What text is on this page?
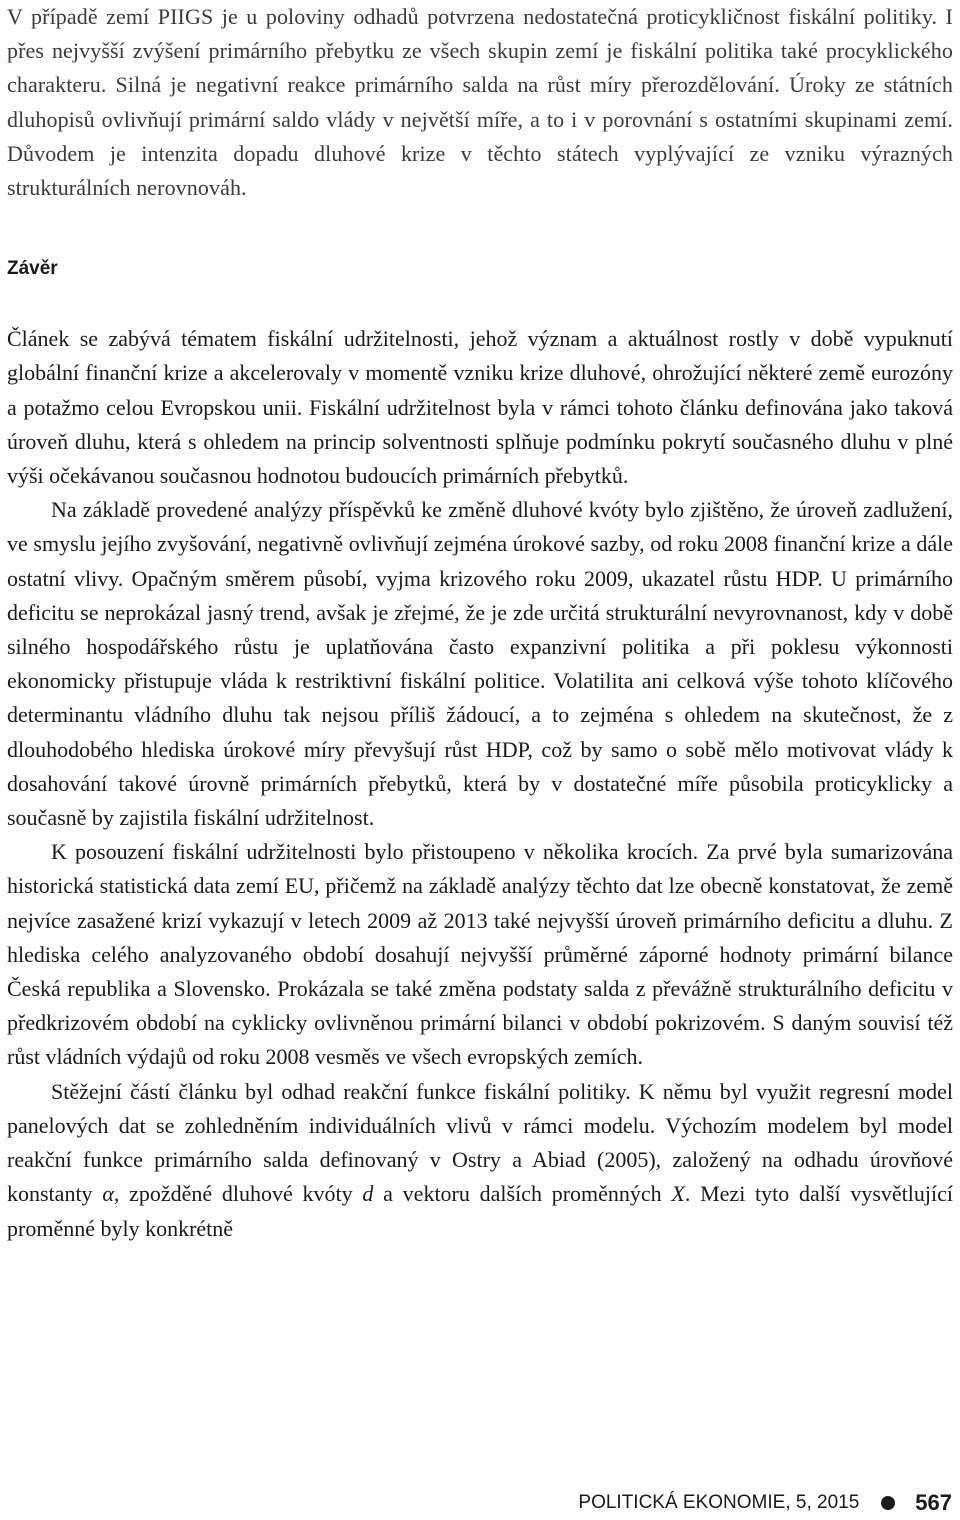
V případě zemí PIIGS je u poloviny odhadů potvrzena nedostatečná proticykličnost fiskální politiky. I přes nejvyšší zvýšení primárního přebytku ze všech skupin zemí je fiskální politika také procyklického charakteru. Silná je negativní reakce primárního salda na růst míry přerozdělování. Úroky ze státních dluhopisů ovlivňují primární saldo vlády v největší míře, a to i v porovnání s ostatními skupinami zemí. Důvodem je intenzita dopadu dluhové krize v těchto státech vyplývající ze vzniku výrazných strukturálních nerovnováh.

Závěr

Článek se zabývá tématem fiskální udržitelnosti, jehož význam a aktuálnost rostly v době vypuknutí globální finanční krize a akcelerovaly v momentě vzniku krize dluhové, ohrožující některé země eurozóny a potažmo celou Evropskou unii. Fiskální udržitelnost byla v rámci tohoto článku definována jako taková úroveň dluhu, která s ohledem na princip solventnosti splňuje podmínku pokrytí současného dluhu v plné výši očekávanou současnou hodnotou budoucích primárních přebytků.

Na základě provedené analýzy příspěvků ke změně dluhové kvóty bylo zjištěno, že úroveň zadlužení, ve smyslu jejího zvyšování, negativně ovlivňují zejména úrokové sazby, od roku 2008 finanční krize a dále ostatní vlivy. Opačným směrem působí, vyjma krizového roku 2009, ukazatel růstu HDP. U primárního deficitu se neprokázal jasný trend, avšak je zřejmé, že je zde určitá strukturální nevyrovnanost, kdy v době silného hospodářského růstu je uplatňována často expanzivní politika a při poklesu výkonnosti ekonomicky přistupuje vláda k restriktivní fiskální politice. Volatilita ani celková výše tohoto klíčového determinantu vládního dluhu tak nejsou příliš žádoucí, a to zejména s ohledem na skutečnost, že z dlouhodobého hlediska úrokové míry převyšují růst HDP, což by samo o sobě mělo motivovat vlády k dosahování takové úrovně primárních přebytků, která by v dostatečné míře působila proticyklicky a současně by zajistila fiskální udržitelnost.

K posouzení fiskální udržitelnosti bylo přistoupeno v několika krocích. Za prvé byla sumarizována historická statistická data zemí EU, přičemž na základě analýzy těchto dat lze obecně konstatovat, že země nejvíce zasažené krizí vykazují v letech 2009 až 2013 také nejvyšší úroveň primárního deficitu a dluhu. Z hlediska celého analyzovaného období dosahují nejvyšší průměrné záporné hodnoty primární bilance Česká republika a Slovensko. Prokázala se také změna podstaty salda z převážně strukturálního deficitu v předkrizovém období na cyklicky ovlivněnou primární bilanci v období pokrizovém. S daným souvisí též růst vládních výdajů od roku 2008 vesměs ve všech evropských zemích.

Stěžejní částí článku byl odhad reakční funkce fiskální politiky. K němu byl využit regresní model panelových dat se zohledněním individuálních vlivů v rámci modelu. Výchozím modelem byl model reakční funkce primárního salda definovaný v Ostry a Abiad (2005), založený na odhadu úrovňové konstanty α, zpožděné dluhové kvóty d a vektoru dalších proměnných X. Mezi tyto další vysvětlující proměnné byly konkrétně

POLITICKÁ EKONOMIE, 5, 2015	567
